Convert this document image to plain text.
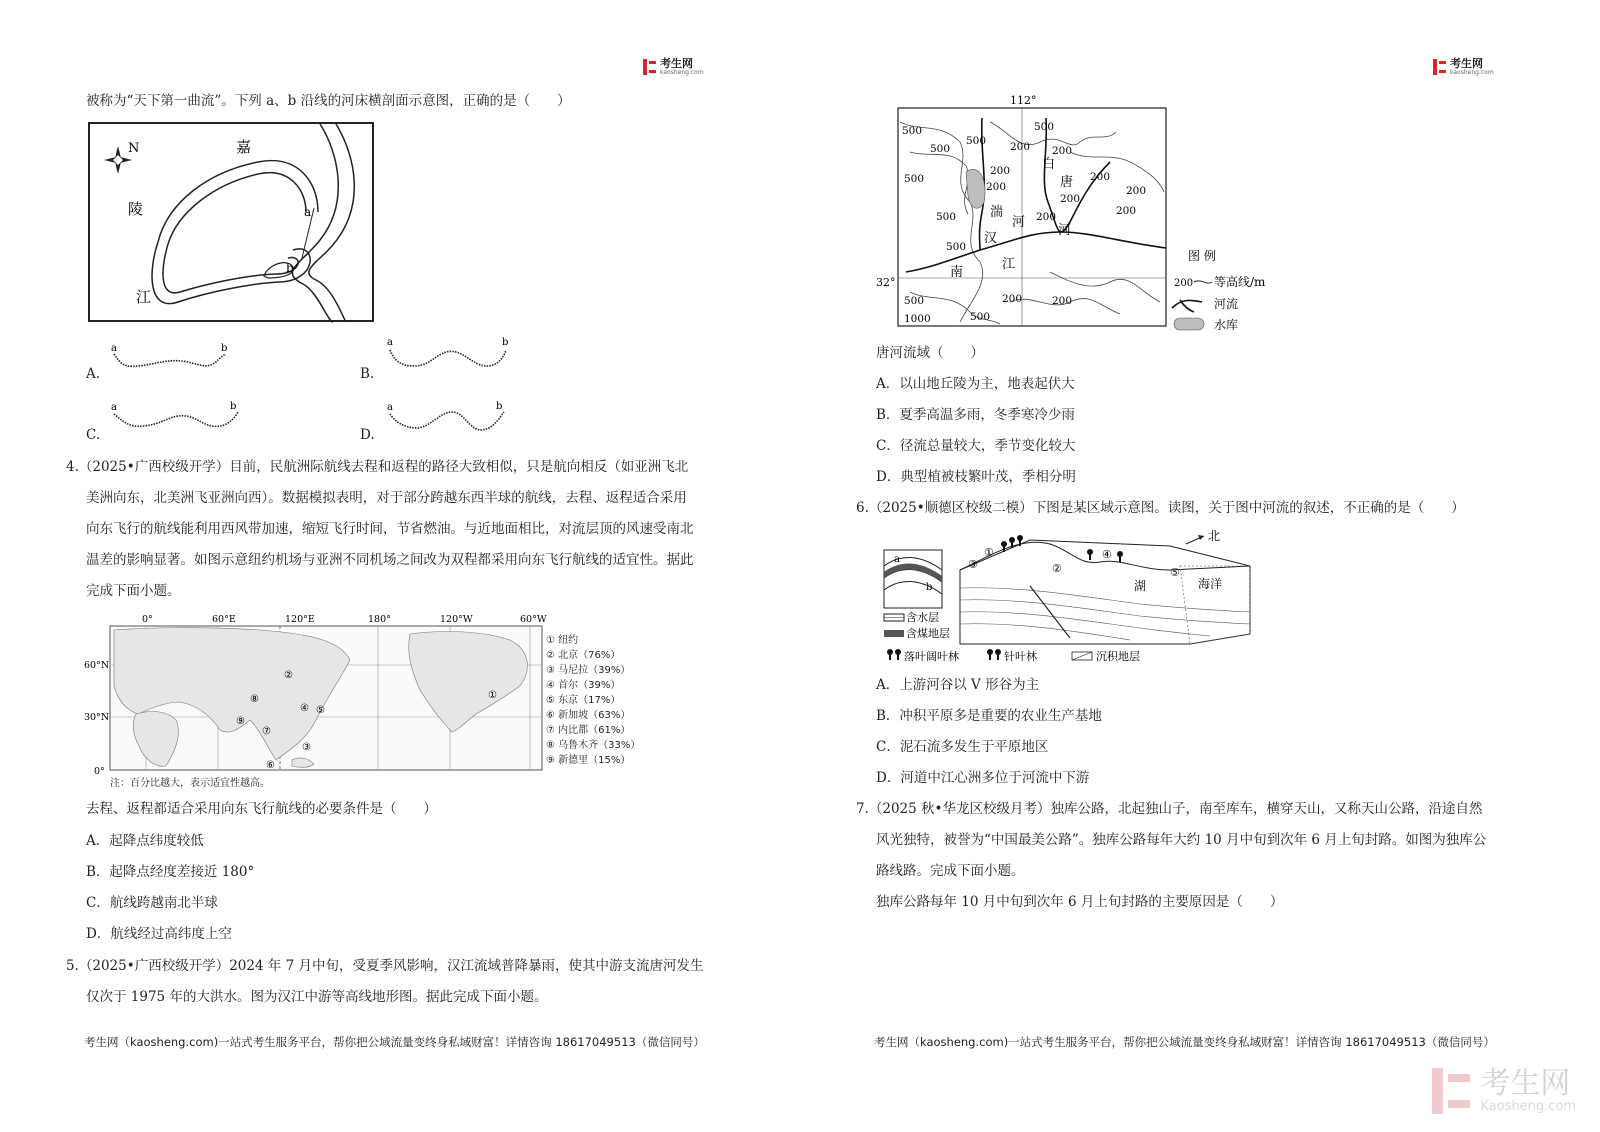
考生网
kaosheng.com
被称为“天下第一曲流”。下列 a、b 沿线的河床横剖面示意图，正确的是（　　）
N	嘉
陵
江
a
b
A.
a	b
B.
a	b
C.
a	b
D.
a	b
4.（2025•广西校级开学）目前，民航洲际航线去程和返程的路径大致相似，只是航向相反（如亚洲飞北
美洲向东，北美洲飞亚洲向西）。数据模拟表明，对于部分跨越东西半球的航线，去程、返程适合采用
向东飞行的航线能利用西风带加速，缩短飞行时间，节省燃油。与近地面相比，对流层顶的风速受南北
温差的影响显著。如图示意纽约机场与亚洲不同机场之间改为双程都采用向东飞行航线的适宜性。据此
完成下面小题。
0°	60°E	120°E	180°	120°W	60°W
60°N
30°N
0°
①
②
③
④ ⑤
⑥
⑦
⑧
⑨
① 纽约
② 北京（76%）
③ 马尼拉（39%）
④ 首尔（39%）
⑤ 东京（17%）
⑥ 新加坡（63%）
⑦ 内比都（61%）
⑧ 乌鲁木齐（33%）
⑨ 新德里（15%）
注：百分比越大，表示适宜性越高。
去程、返程都适合采用向东飞行航线的必要条件是（　　）
A．起降点纬度较低
B．起降点经度差接近 180°
C．航线跨越南北半球
D．航线经过高纬度上空
5.（2025•广西校级开学）2024 年 7 月中旬，受夏季风影响，汉江流域普降暴雨，使其中游支流唐河发生
仅次于 1975 年的大洪水。图为汉江中游等高线地形图。据此完成下面小题。
考生网（kaosheng.com)一站式考生服务平台，帮你把公域流量变终身私域财富！详情咨询 18617049513（微信同号）
考生网
kaosheng.com
112°
32°
500
500
500
500
500
200
200
200
200
200
200
200
200
500
500
500	200
1000	500
200
200
白
唐
湍
河
河
汉
江
南
图 例
200 等高线/m
河流
水库
唐河流域（　　）
A．以山地丘陵为主，地表起伏大
B．夏季高温多雨，冬季寒冷少雨
C．径流总量较大，季节变化较大
D．典型植被枝繁叶茂，季相分明
6.（2025•顺德区校级二模）下图是某区域示意图。读图，关于图中河流的叙述，不正确的是（　　）
a
b
北
湖	海洋
①
②
③
④
⑤
含水层
含煤地层
落叶阔叶林	针叶林	沉积地层
A．上游河谷以 V 形谷为主
B．冲积平原多是重要的农业生产基地
C．泥石流多发生于平原地区
D．河道中江心洲多位于河流中下游
7.（2025 秋•华龙区校级月考）独库公路，北起独山子，南至库车，横穿天山，又称天山公路，沿途自然
风光独特，被誉为“中国最美公路”。独库公路每年大约 10 月中旬到次年 6 月上旬封路。如图为独库公
路线路。完成下面小题。
独库公路每年 10 月中旬到次年 6 月上旬封路的主要原因是（　　）
考生网（kaosheng.com)一站式考生服务平台，帮你把公域流量变终身私域财富！详情咨询 18617049513（微信同号）
考生网
Kaosheng.com
